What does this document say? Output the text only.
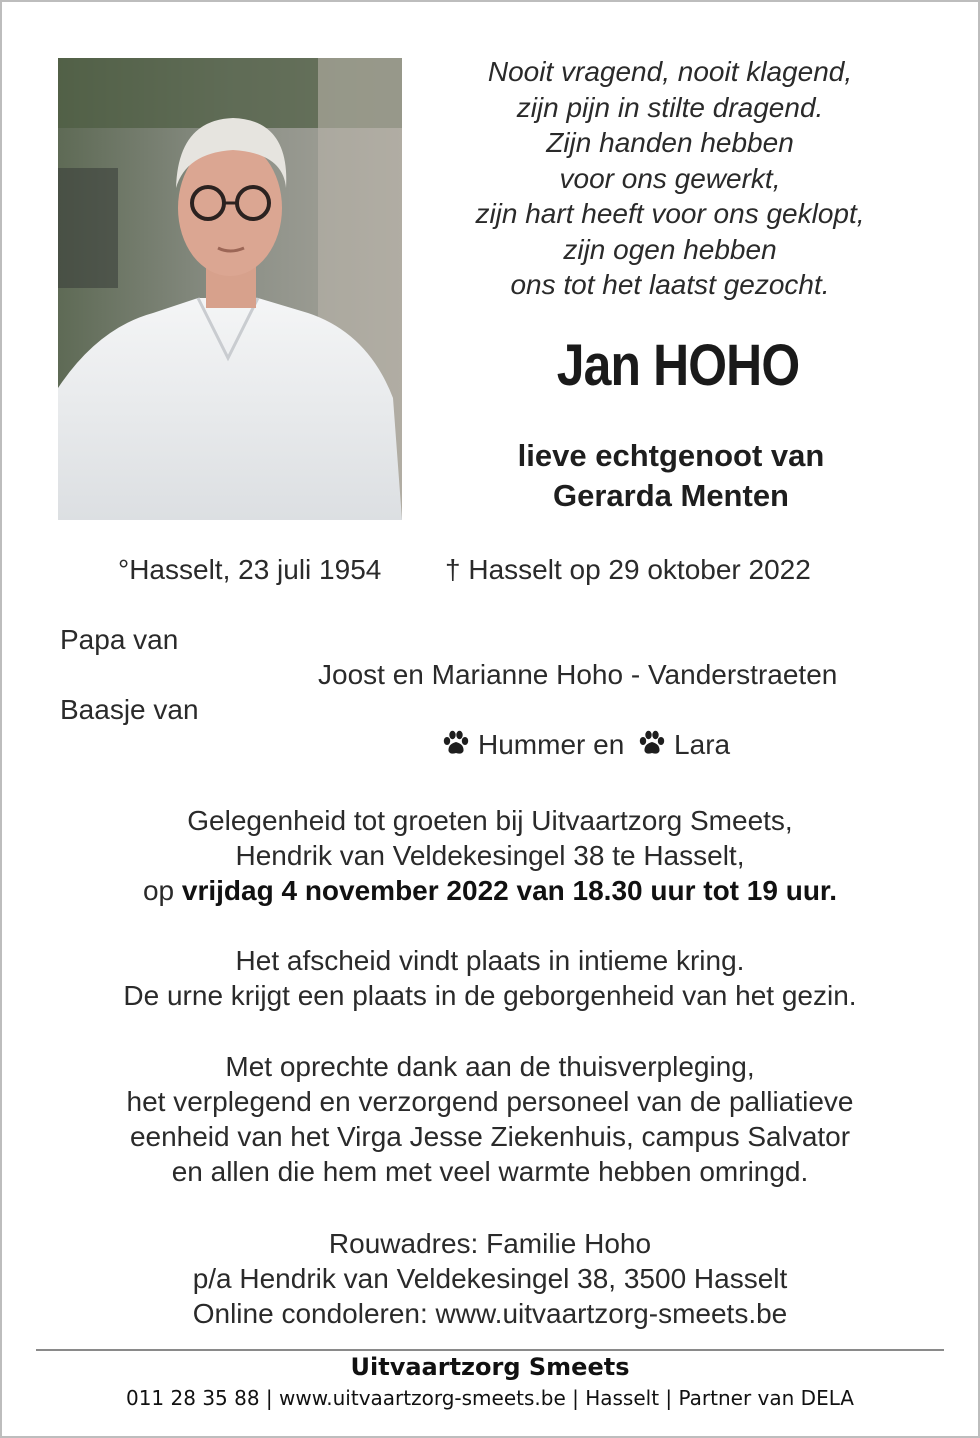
Nooit vragend, nooit klagend,
zijn pijn in stilte dragend.
Zijn handen hebben
voor ons gewerkt,
zijn hart heeft voor ons geklopt,
zijn ogen hebben
ons tot het laatst gezocht.
Jan HOHO
lieve echtgenoot van
Gerarda Menten
°Hasselt, 23 juli 1954 † Hasselt op 29 oktober 2022
Papa van
Joost en Marianne Hoho - Vanderstraeten
Baasje van
Hummer en Lara
Gelegenheid tot groeten bij Uitvaartzorg Smeets,
Hendrik van Veldekesingel 38 te Hasselt,
op vrijdag 4 november 2022 van 18.30 uur tot 19 uur.
Het afscheid vindt plaats in intieme kring.
De urne krijgt een plaats in de geborgenheid van het gezin.
Met oprechte dank aan de thuisverpleging,
het verplegend en verzorgend personeel van de palliatieve
eenheid van het Virga Jesse Ziekenhuis, campus Salvator
en allen die hem met veel warmte hebben omringd.
Rouwadres: Familie Hoho
p/a Hendrik van Veldekesingel 38, 3500 Hasselt
Online condoleren: www.uitvaartzorg-smeets.be
Uitvaartzorg Smeets
011 28 35 88 | www.uitvaartzorg-smeets.be | Hasselt | Partner van DELA
